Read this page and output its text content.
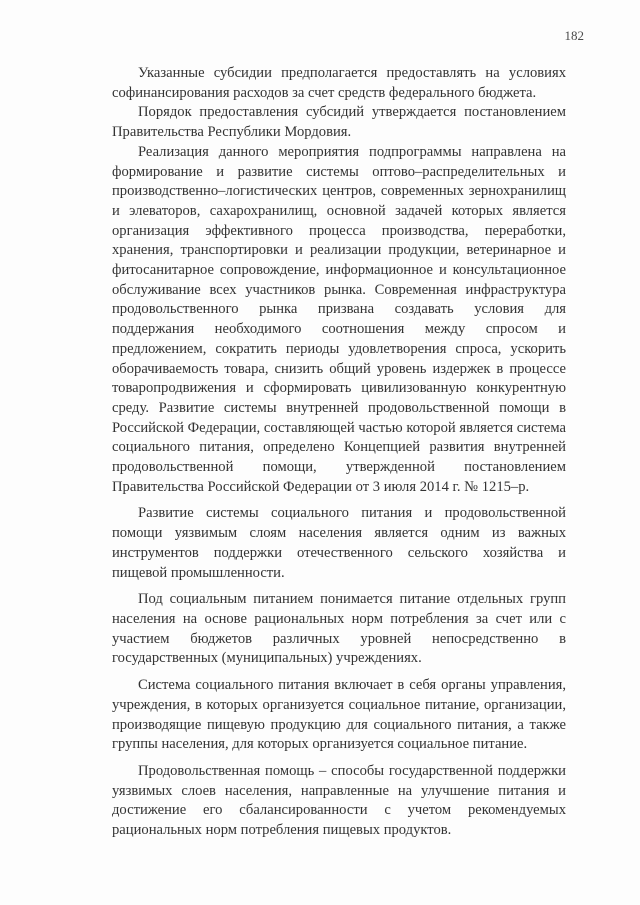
182

Указанные субсидии предполагается предоставлять на условиях софинансирования расходов за счет средств федерального бюджета.

Порядок предоставления субсидий утверждается постановлением Правительства Республики Мордовия.

Реализация данного мероприятия подпрограммы направлена на формирование и развитие системы оптово–распределительных и производственно–логистических центров, современных зернохранилищ и элеваторов, сахарохранилищ, основной задачей которых является организация эффективного процесса производства, переработки, хранения, транспортировки и реализации продукции, ветеринарное и фитосанитарное сопровождение, информационное и консультационное обслуживание всех участников рынка. Современная инфраструктура продовольственного рынка призвана создавать условия для поддержания необходимого соотношения между спросом и предложением, сократить периоды удовлетворения спроса, ускорить оборачиваемость товара, снизить общий уровень издержек в процессе товаропродвижения и сформировать цивилизованную конкурентную среду. Развитие системы внутренней продовольственной помощи в Российской Федерации, составляющей частью которой является система социального питания, определено Концепцией развития внутренней продовольственной помощи, утвержденной постановлением Правительства Российской Федерации от 3 июля 2014 г. № 1215–р.

Развитие системы социального питания и продовольственной помощи уязвимым слоям населения является одним из важных инструментов поддержки отечественного сельского хозяйства и пищевой промышленности.

Под социальным питанием понимается питание отдельных групп населения на основе рациональных норм потребления за счет или с участием бюджетов различных уровней непосредственно в государственных (муниципальных) учреждениях.

Система социального питания включает в себя органы управления, учреждения, в которых организуется социальное питание, организации, производящие пищевую продукцию для социального питания, а также группы населения, для которых организуется социальное питание.

Продовольственная помощь – способы государственной поддержки уязвимых слоев населения, направленные на улучшение питания и достижение его сбалансированности с учетом рекомендуемых рациональных норм потребления пищевых продуктов.
